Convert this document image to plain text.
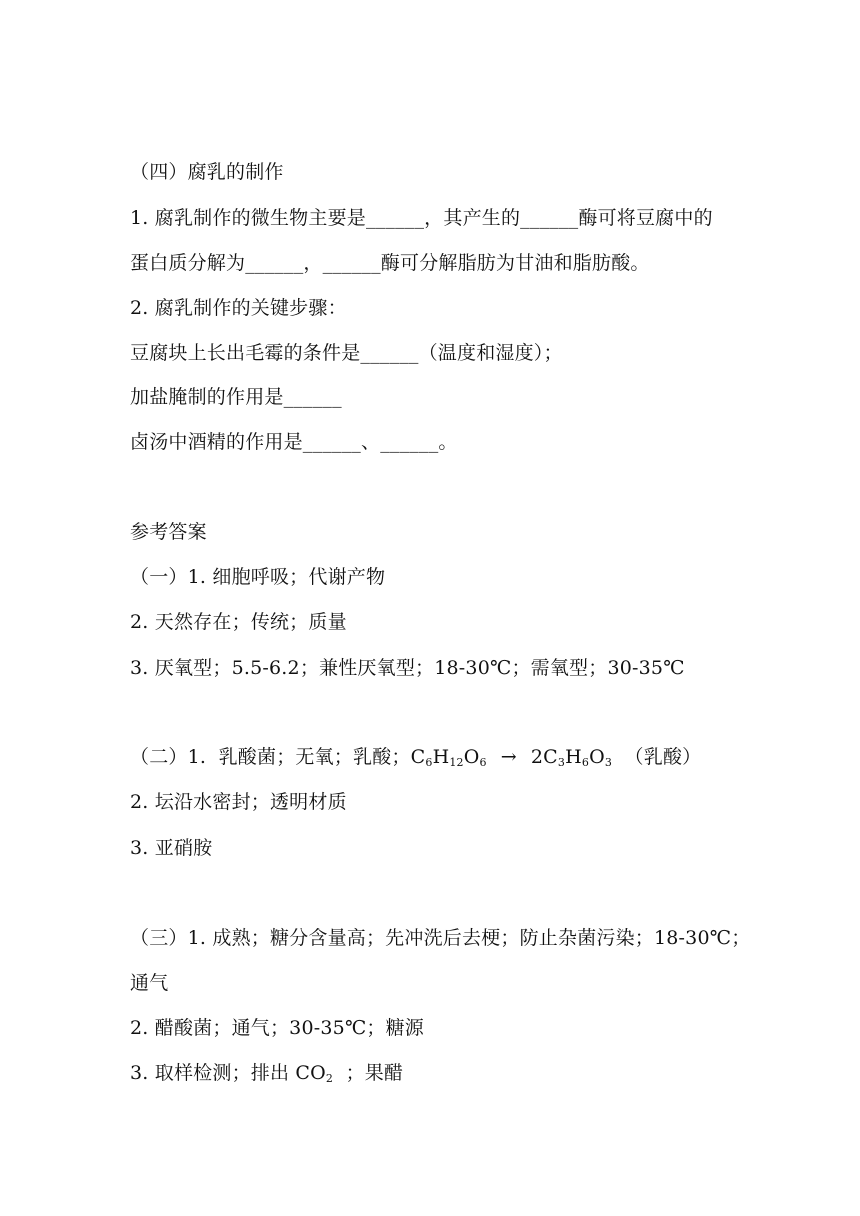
（四）腐乳的制作
1. 腐乳制作的微生物主要是______，其产生的______酶可将豆腐中的
蛋白质分解为______，______酶可分解脂肪为甘油和脂肪酸。
2. 腐乳制作的关键步骤：
豆腐块上长出毛霉的条件是______（温度和湿度）；
加盐腌制的作用是______
卤汤中酒精的作用是______、______。
参考答案
（一）1. 细胞呼吸；代谢产物
2. 天然存在；传统；质量
3. 厌氧型；5.5-6.2；兼性厌氧型；18-30℃；需氧型；30-35℃
（二）1.  乳酸菌；无氧；乳酸；$C_6H_{12}O_6 \to 2C_3H_6O_3$  （乳酸）
2. 坛沿水密封；透明材质
3. 亚硝胺
（三）1. 成熟；糖分含量高；先冲洗后去梗；防止杂菌污染；18-30℃；
通气
2. 醋酸菌；通气；30-35℃；糖源
3. 取样检测；排出 $CO_2$  ；果醋
